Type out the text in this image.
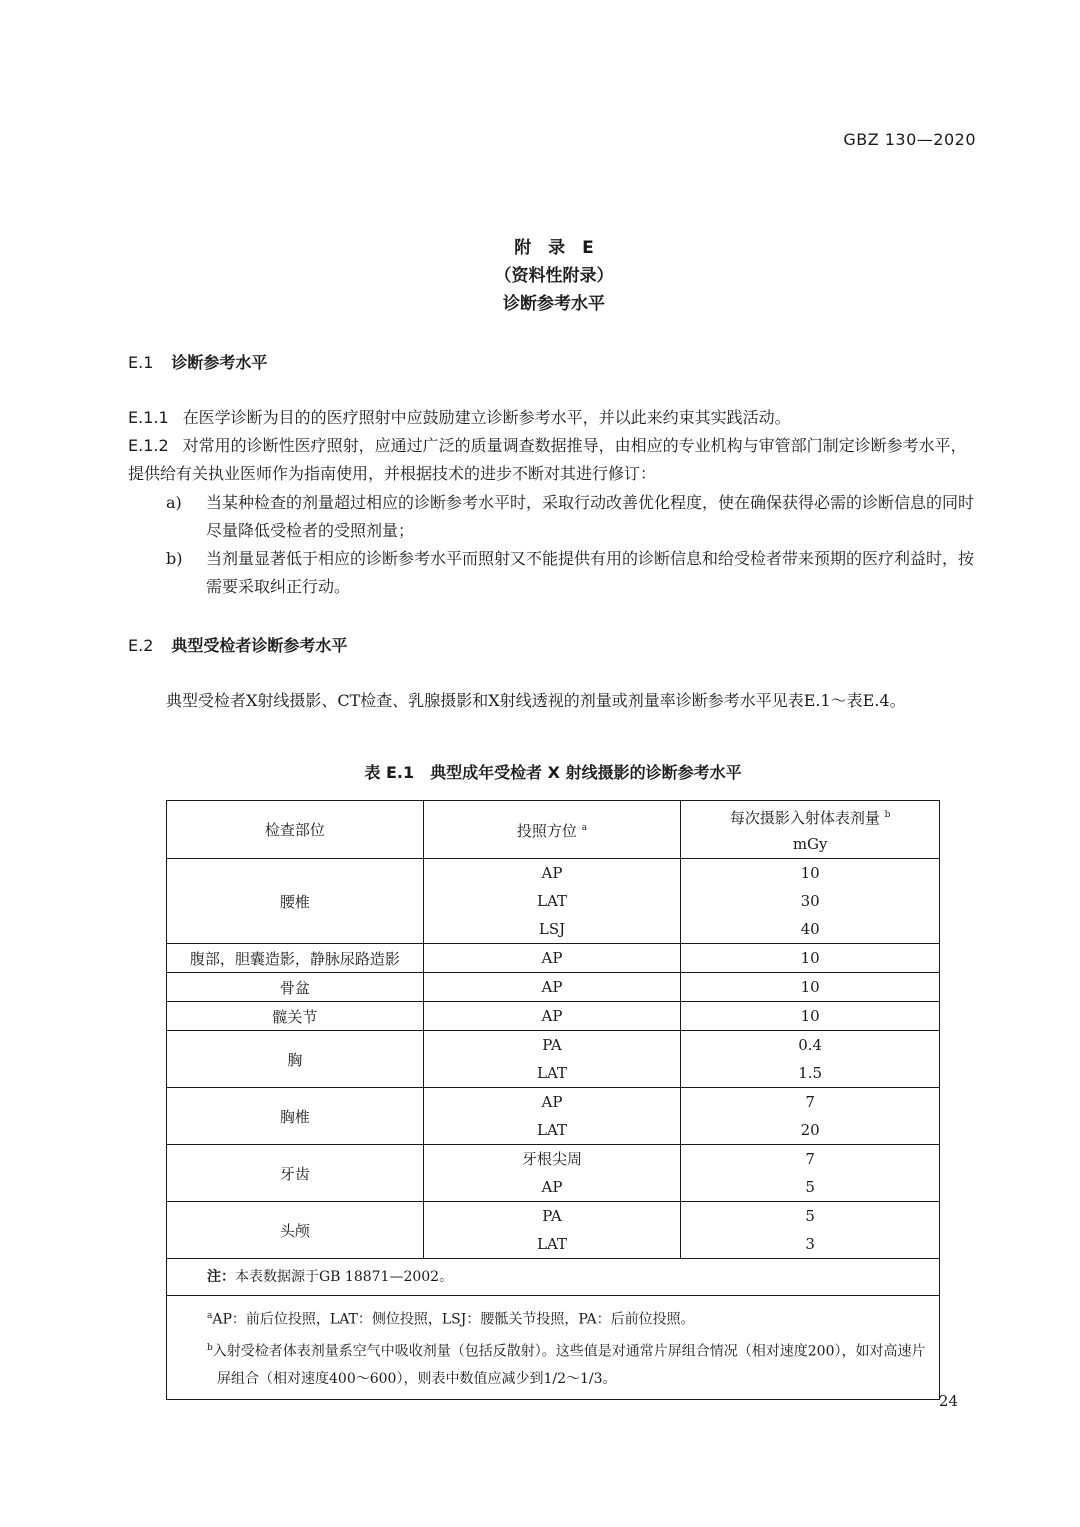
GBZ 130—2020
附　录　E
（资料性附录）
诊断参考水平
E.1 诊断参考水平
E.1.1 在医学诊断为目的的医疗照射中应鼓励建立诊断参考水平，并以此来约束其实践活动。
E.1.2 对常用的诊断性医疗照射，应通过广泛的质量调查数据推导，由相应的专业机构与审管部门制定诊断参考水平，提供给有关执业医师作为指南使用，并根据技术的进步不断对其进行修订：
a) 当某种检查的剂量超过相应的诊断参考水平时，采取行动改善优化程度，使在确保获得必需的诊断信息的同时尽量降低受检者的受照剂量；
b) 当剂量显著低于相应的诊断参考水平而照射又不能提供有用的诊断信息和给受检者带来预期的医疗利益时，按需要采取纠正行动。
E.2 典型受检者诊断参考水平
典型受检者X射线摄影、CT检查、乳腺摄影和X射线透视的剂量或剂量率诊断参考水平见表E.1～表E.4。
表 E.1　典型成年受检者 X 射线摄影的诊断参考水平
检查部位	投照方位 $^a$	每次摄影入射体表剂量 $^b$
mGy
腰椎	AP	10
	LAT	30
	LSJ	40
腹部，胆囊造影，静脉尿路造影	AP	10
骨盆	AP	10
髋关节	AP	10
胸	PA	0.4
	LAT	1.5
胸椎	AP	7
	LAT	20
牙齿	牙根尖周	7
	AP	5
头颅	PA	5
	LAT	3
注：本表数据源于GB 18871—2002。		

$^a$AP：前后位投照，LAT：侧位投照，LSJ：腰骶关节投照，PA：后前位投照。
$^b$入射受检者体表剂量系空气中吸收剂量（包括反散射）。这些值是对通常片屏组合情况（相对速度200），如对高速片屏组合（相对速度400～600），则表中数值应减少到1/2～1/3。		
24
